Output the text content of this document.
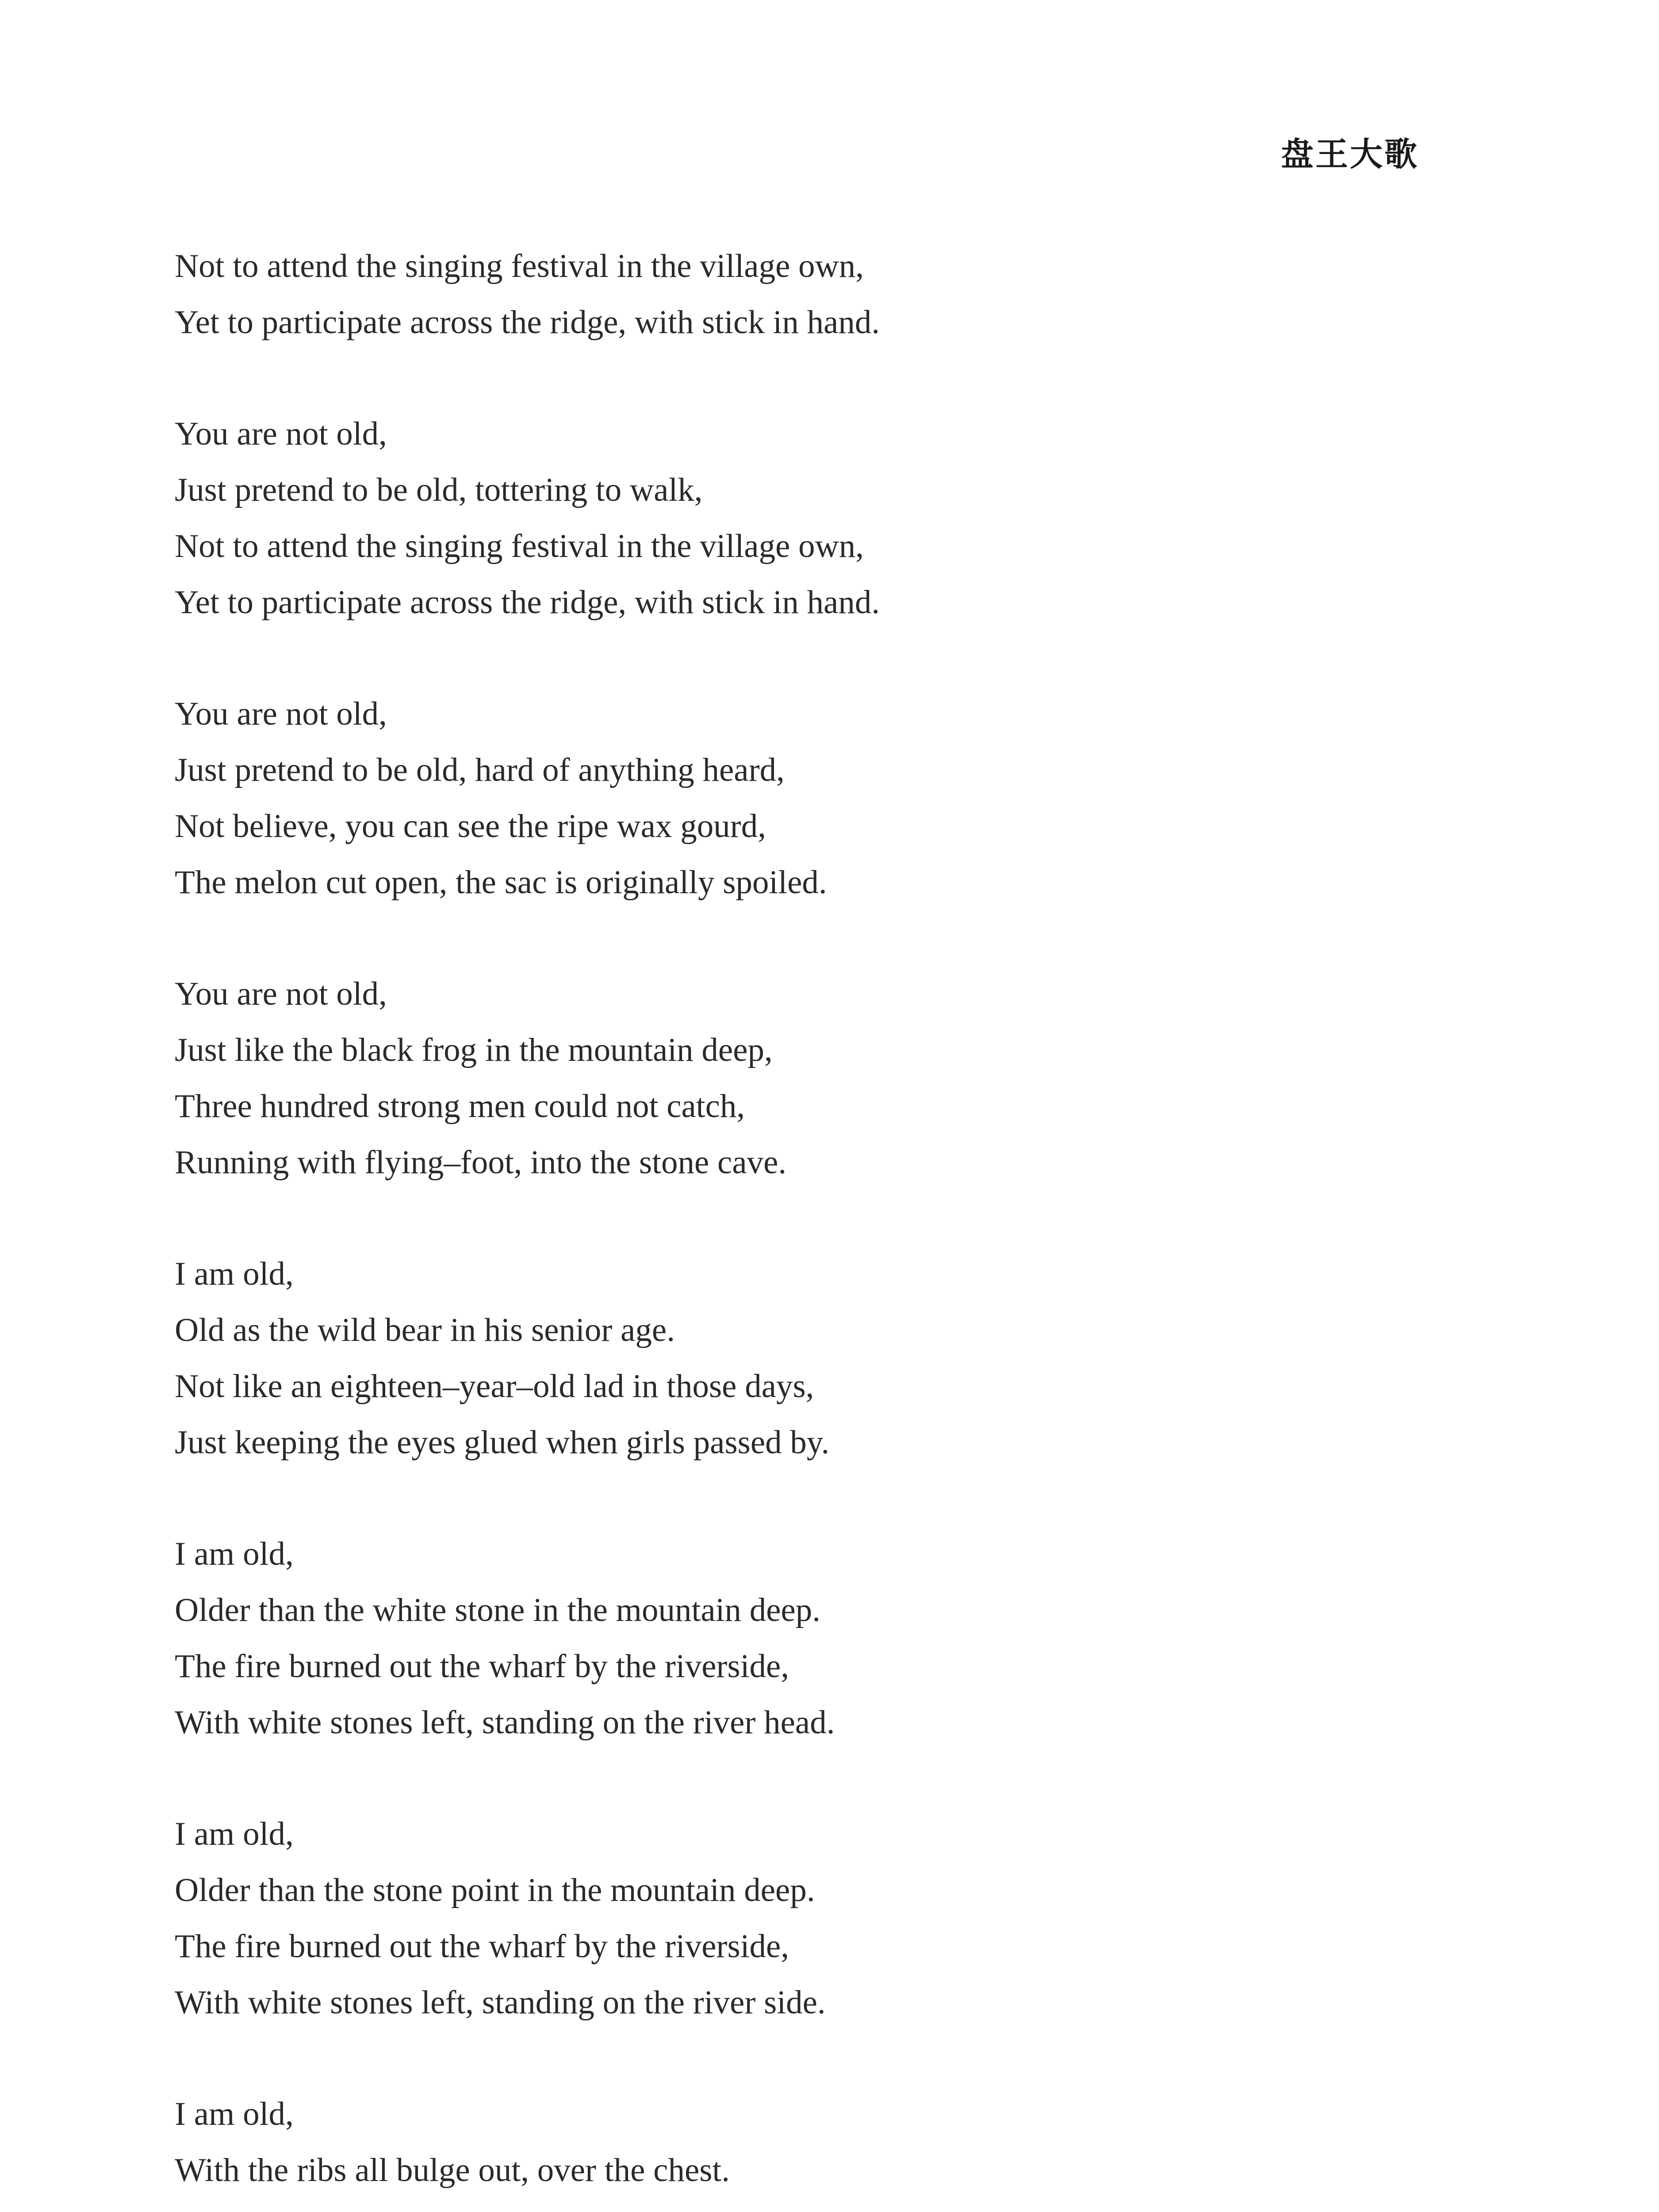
盘王大歌
Not to attend the singing festival in the village own,
Yet to participate across the ridge, with stick in hand.
You are not old,
Just pretend to be old, tottering to walk,
Not to attend the singing festival in the village own,
Yet to participate across the ridge, with stick in hand.
You are not old,
Just pretend to be old, hard of anything heard,
Not believe, you can see the ripe wax gourd,
The melon cut open, the sac is originally spoiled.
You are not old,
Just like the black frog in the mountain deep,
Three hundred strong men could not catch,
Running with flying–foot, into the stone cave.
I am old,
Old as the wild bear in his senior age.
Not like an eighteen–year–old lad in those days,
Just keeping the eyes glued when girls passed by.
I am old,
Older than the white stone in the mountain deep.
The fire burned out the wharf by the riverside,
With white stones left, standing on the river head.
I am old,
Older than the stone point in the mountain deep.
The fire burned out the wharf by the riverside,
With white stones left, standing on the river side.
I am old,
With the ribs all bulge out, over the chest.
